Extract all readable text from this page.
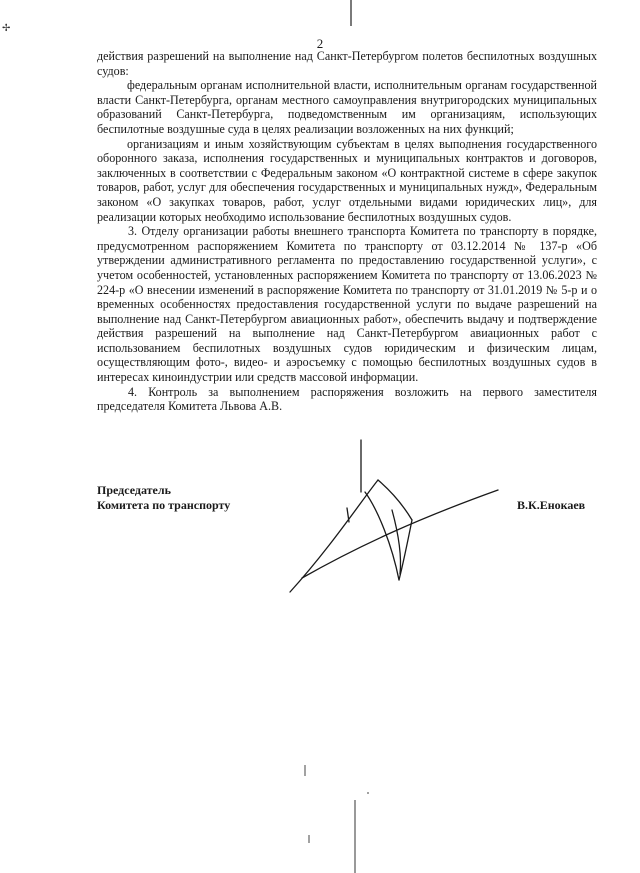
2

действия разрешений на выполнение над Санкт-Петербургом полетов беспилотных воздушных судов:

федеральным органам исполнительной власти, исполнительным органам государственной власти Санкт-Петербурга, органам местного самоуправления внутригородских муниципальных образований Санкт-Петербурга, подведомственным им организациям, использующих беспилотные воздушные суда в целях реализации возложенных на них функций;

организациям и иным хозяйствующим субъектам в целях выполнения государственного оборонного заказа, исполнения государственных и муниципальных контрактов и договоров, заключенных в соответствии с Федеральным законом «О контрактной системе в сфере закупок товаров, работ, услуг для обеспечения государственных и муниципальных нужд», Федеральным законом «О закупках товаров, работ, услуг отдельными видами юридических лиц», для реализации которых необходимо использование беспилотных воздушных судов.

3. Отделу организации работы внешнего транспорта Комитета по транспорту в порядке, предусмотренном распоряжением Комитета по транспорту от 03.12.2014 № 137-р «Об утверждении административного регламента по предоставлению государственной услуги», с учетом особенностей, установленных распоряжением Комитета по транспорту от 13.06.2023 № 224-р «О внесении изменений в распоряжение Комитета по транспорту от 31.01.2019 № 5-р и о временных особенностях предоставления государственной услуги по выдаче разрешений на выполнение над Санкт-Петербургом авиационных работ», обеспечить выдачу и подтверждение действия разрешений на выполнение над Санкт-Петербургом авиационных работ с использованием беспилотных воздушных судов юридическим и физическим лицам, осуществляющим фото-, видео- и аэросъемку с помощью беспилотных воздушных судов в интересах киноиндустрии или средств массовой информации.

4. Контроль за выполнением распоряжения возложить на первого заместителя председателя Комитета Львова А.В.

Председатель
Комитета по транспорту	В.К.Енокаев
✢
